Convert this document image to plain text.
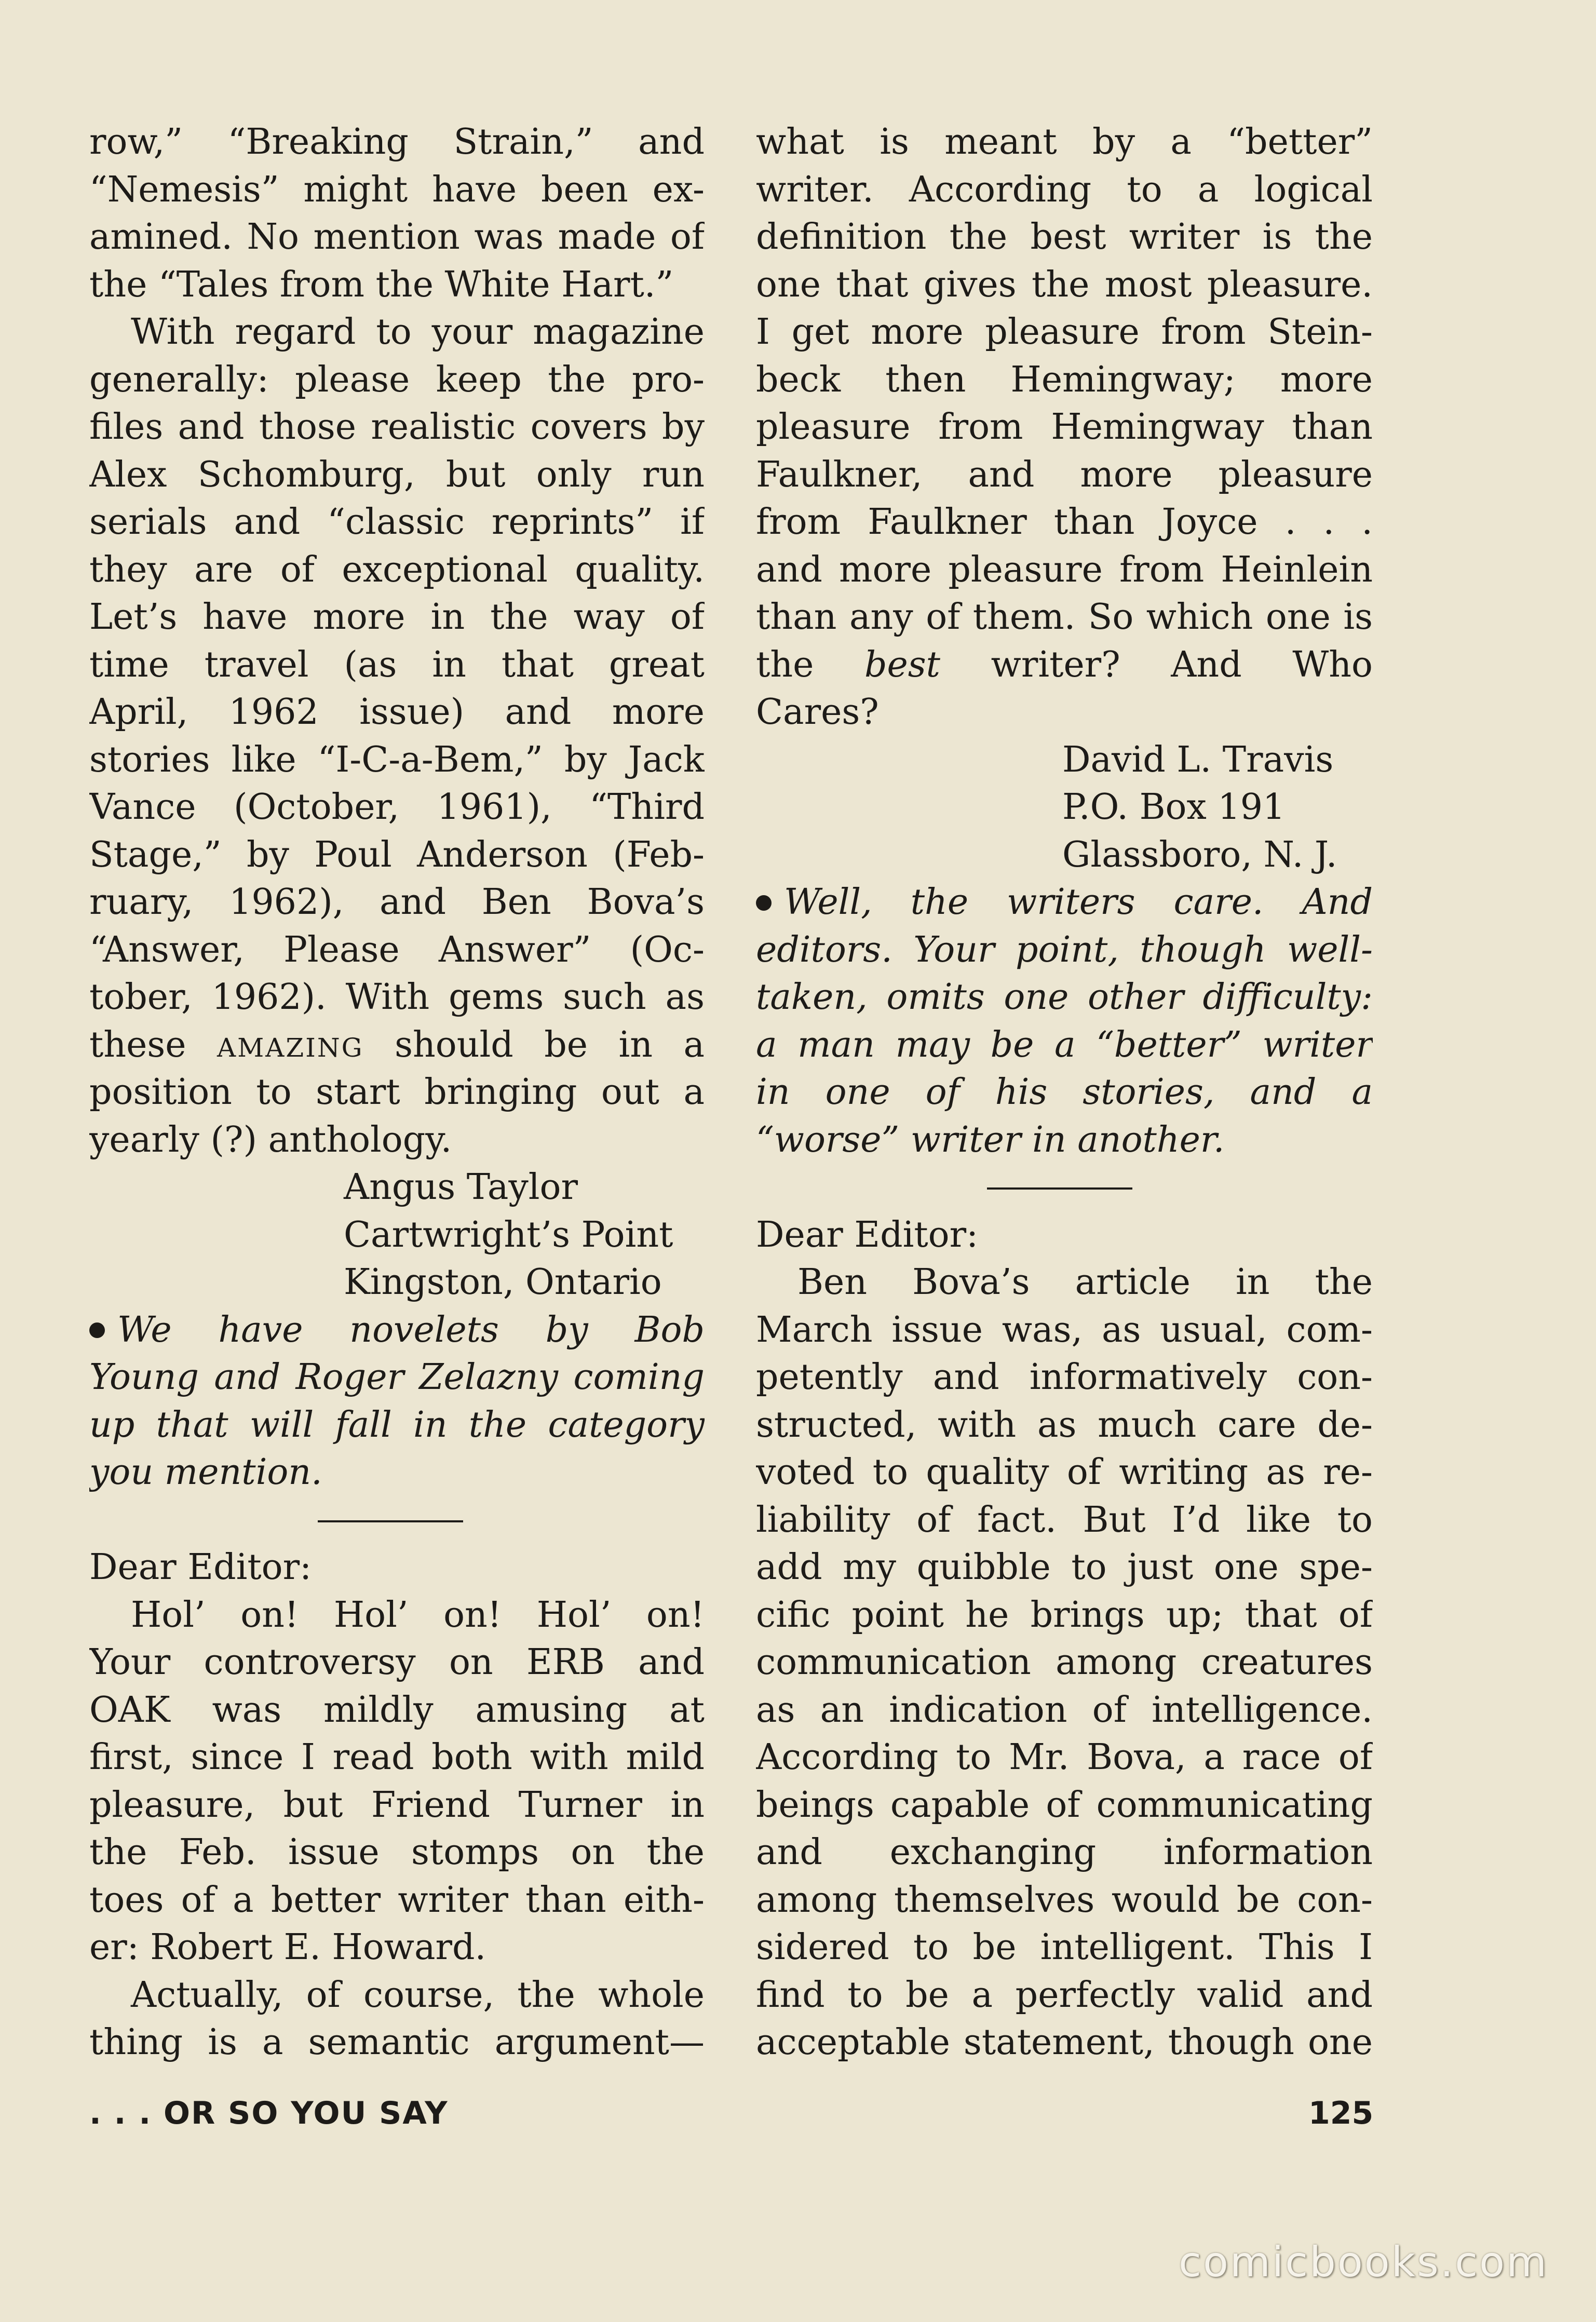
row,” “Breaking Strain,” and
“Nemesis” might have been ex-
amined. No mention was made of
the “Tales from the White Hart.”
With regard to your magazine
generally: please keep the pro-
files and those realistic covers by
Alex Schomburg, but only run
serials and “classic reprints” if
they are of exceptional quality.
Let’s have more in the way of
time travel (as in that great
April, 1962 issue) and more
stories like “I-C-a-Bem,” by Jack
Vance (October, 1961), “Third
Stage,” by Poul Anderson (Feb-
ruary, 1962), and Ben Bova’s
“Answer, Please Answer” (Oc-
tober, 1962). With gems such as
these AMAZING should be in a
position to start bringing out a
yearly (?) anthology.
Angus Taylor
Cartwright’s Point
Kingston, Ontario
We have novelets by Bob
Young and Roger Zelazny coming
up that will fall in the category
you mention.
Dear Editor:
Hol’ on! Hol’ on! Hol’ on!
Your controversy on ERB and
OAK was mildly amusing at
first, since I read both with mild
pleasure, but Friend Turner in
the Feb. issue stomps on the
toes of a better writer than eith-
er: Robert E. Howard.
Actually, of course, the whole
thing is a semantic argument—
what is meant by a “better”
writer. According to a logical
definition the best writer is the
one that gives the most pleasure.
I get more pleasure from Stein-
beck then Hemingway; more
pleasure from Hemingway than
Faulkner, and more pleasure
from Faulkner than Joyce . . .
and more pleasure from Heinlein
than any of them. So which one is
the best writer? And Who
Cares?
David L. Travis
P.O. Box 191
Glassboro, N. J.
Well, the writers care. And
editors. Your point, though well-
taken, omits one other difficulty:
a man may be a “better” writer
in one of his stories, and a
“worse” writer in another.
Dear Editor:
Ben Bova’s article in the
March issue was, as usual, com-
petently and informatively con-
structed, with as much care de-
voted to quality of writing as re-
liability of fact. But I’d like to
add my quibble to just one spe-
cific point he brings up; that of
communication among creatures
as an indication of intelligence.
According to Mr. Bova, a race of
beings capable of communicating
and exchanging information
among themselves would be con-
sidered to be intelligent. This I
find to be a perfectly valid and
acceptable statement, though one
. . . OR SO YOU SAY	125
comicbooks.com
